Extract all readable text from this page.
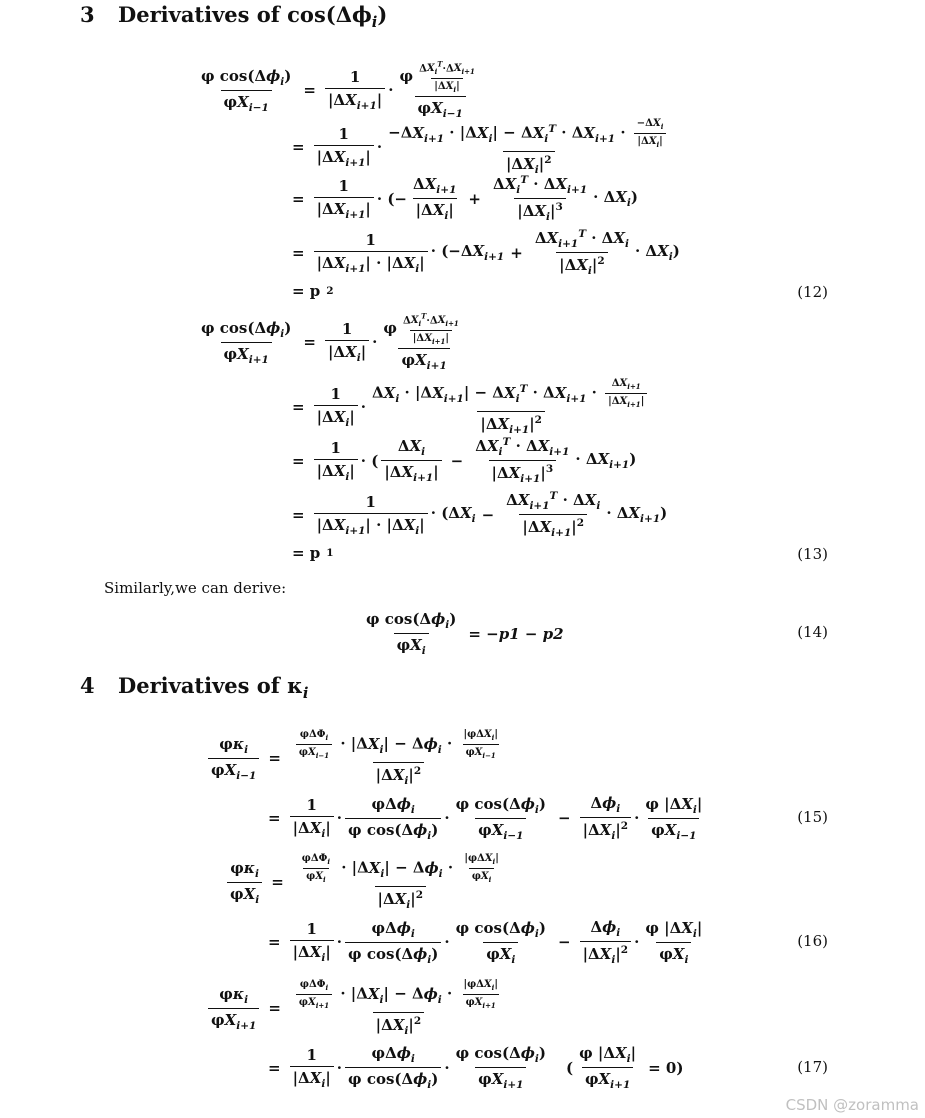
3	Derivatives of $\cos(\Delta\phi_i)$
$\frac{\varphi \cos(\Delta\phi_i)}{\varphi X_{i-1}} = \frac{1}{|\Delta X_{i+1}|} \cdot \frac{\varphi \frac{\Delta X_i^T\cdot\Delta X_{i+1}}{|\Delta X_i|}}{\varphi X_{i-1}}$
= $\frac{1}{|\Delta X_{i+1}|} \cdot \frac{-\Delta X_{i+1} \cdot |\Delta X_i| - \Delta X_i^T \cdot \Delta X_{i+1} \cdot \frac{-\Delta X_i}{|\Delta X_i|}}{|\Delta X_i|^2}$
= $\frac{1}{|\Delta X_{i+1}|}$ · (− $\frac{\Delta X_{i+1}}{|\Delta X_i|} + \frac{\Delta X_i^T \cdot \Delta X_{i+1}}{|\Delta X_i|^3} \cdot \Delta X_i$)
= $\frac{1}{|\Delta X_{i+1}| \cdot |\Delta X_i|} \cdot (-\Delta X_{i+1} + \frac{\Delta X_{i+1}^T \cdot \Delta X_i}{|\Delta X_i|^2} \cdot \Delta X_i)$
= p 2	(12)
$\frac{\varphi \cos(\Delta\phi_i)}{\varphi X_{i+1}} = \frac{1}{|\Delta X_i|} \cdot \frac{\varphi \frac{\Delta X_i^T\cdot\Delta X_{i+1}}{|\Delta X_{i+1}|}}{\varphi X_{i+1}}$
= $\frac{1}{|\Delta X_i|} \cdot \frac{\Delta X_i \cdot |\Delta X_{i+1}| - \Delta X_i^T \cdot \Delta X_{i+1} \cdot \frac{\Delta X_{i+1}}{|\Delta X_{i+1}|}}{|\Delta X_{i+1}|^2}$
= $\frac{1}{|\Delta X_i|}$ · ( $\frac{\Delta X_i}{|\Delta X_{i+1}|} - \frac{\Delta X_i^T \cdot \Delta X_{i+1}}{|\Delta X_{i+1}|^3} \cdot \Delta X_{i+1}$)
= $\frac{1}{|\Delta X_{i+1}| \cdot |\Delta X_i|} \cdot (\Delta X_i - \frac{\Delta X_{i+1}^T \cdot \Delta X_i}{|\Delta X_{i+1}|^2} \cdot \Delta X_{i+1})$
= p 1	(13)
Similarly,we can derive:
$\frac{\varphi \cos(\Delta\phi_i)}{\varphi X_i} = -p1 - p2$	(14)
4	Derivatives of $\kappa_i$
$\frac{\varphi\kappa_i}{\varphi X_{i-1}} = \frac{\frac{\varphi\Delta\Phi_i}{\varphi X_{i-1}} \cdot |\Delta X_i| - \Delta\phi_i \cdot \frac{|\varphi\Delta X_i|}{\varphi X_{i-1}}}{|\Delta X_i|^2}$
= $\frac{1}{|\Delta X_i|} \cdot \frac{\varphi\Delta\phi_i}{\varphi \cos(\Delta\phi_i)} \cdot \frac{\varphi \cos(\Delta\phi_i)}{\varphi X_{i-1}} - \frac{\Delta\phi_i}{|\Delta X_i|^2} \cdot \frac{\varphi |\Delta X_i|}{\varphi X_{i-1}}$	(15)
$\frac{\varphi\kappa_i}{\varphi X_i} = \frac{\frac{\varphi\Delta\Phi_i}{\varphi X_i} \cdot |\Delta X_i| - \Delta\phi_i \cdot \frac{|\varphi\Delta X_i|}{\varphi X_i}}{|\Delta X_i|^2}$
= $\frac{1}{|\Delta X_i|} \cdot \frac{\varphi\Delta\phi_i}{\varphi \cos(\Delta\phi_i)} \cdot \frac{\varphi \cos(\Delta\phi_i)}{\varphi X_i} - \frac{\Delta\phi_i}{|\Delta X_i|^2} \cdot \frac{\varphi |\Delta X_i|}{\varphi X_i}$	(16)
$\frac{\varphi\kappa_i}{\varphi X_{i+1}} = \frac{\frac{\varphi\Delta\Phi_i}{\varphi X_{i+1}} \cdot |\Delta X_i| - \Delta\phi_i \cdot \frac{|\varphi\Delta X_i|}{\varphi X_{i+1}}}{|\Delta X_i|^2}$
= $\frac{1}{|\Delta X_i|} \cdot \frac{\varphi\Delta\phi_i}{\varphi \cos(\Delta\phi_i)} \cdot \frac{\varphi \cos(\Delta\phi_i)}{\varphi X_{i+1}}$ ( $\frac{\varphi |\Delta X_i|}{\varphi X_{i+1}} = 0$)	(17)
CSDN @zoramma
